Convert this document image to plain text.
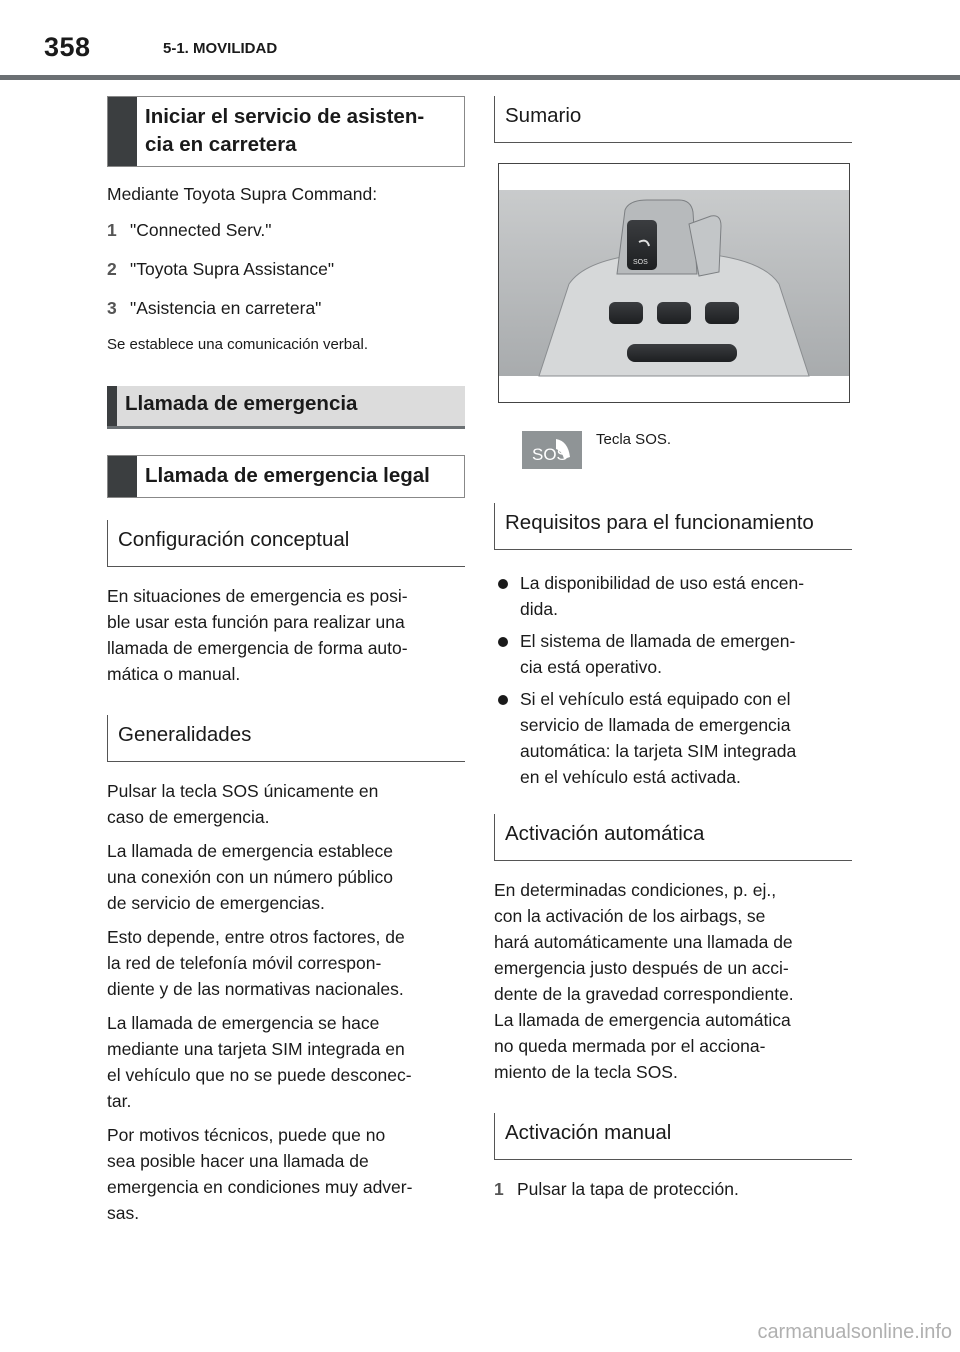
358	5-1. MOVILIDAD
Iniciar el servicio de asisten-
cia en carretera

Mediante Toyota Supra Command:

1 "Connected Serv."
2 "Toyota Supra Assistance"
3 "Asistencia en carretera"

Se establece una comunicación verbal.

Llamada de emergencia
Llamada de emergencia legal
Configuración conceptual

En situaciones de emergencia es posi-
ble usar esta función para realizar una
llamada de emergencia de forma auto-
mática o manual.

Generalidades

Pulsar la tecla SOS únicamente en
caso de emergencia.

La llamada de emergencia establece
una conexión con un número público
de servicio de emergencias.

Esto depende, entre otros factores, de
la red de telefonía móvil correspon-
diente y de las normativas nacionales.

La llamada de emergencia se hace
mediante una tarjeta SIM integrada en
el vehículo que no se puede desconec-
tar.

Por motivos técnicos, puede que no
sea posible hacer una llamada de
emergencia en condiciones muy adver-
sas.

Sumario
SOS
SOS
Tecla SOS.
Requisitos para el funcionamiento
La disponibilidad de uso está encen-
dida.
El sistema de llamada de emergen-
cia está operativo.
Si el vehículo está equipado con el
servicio de llamada de emergencia
automática: la tarjeta SIM integrada
en el vehículo está activada.
Activación automática

En determinadas condiciones, p. ej.,
con la activación de los airbags, se
hará automáticamente una llamada de
emergencia justo después de un acci-
dente de la gravedad correspondiente.
La llamada de emergencia automática
no queda mermada por el acciona-
miento de la tecla SOS.

Activación manual
1 Pulsar la tapa de protección.
carmanualsonline.info
